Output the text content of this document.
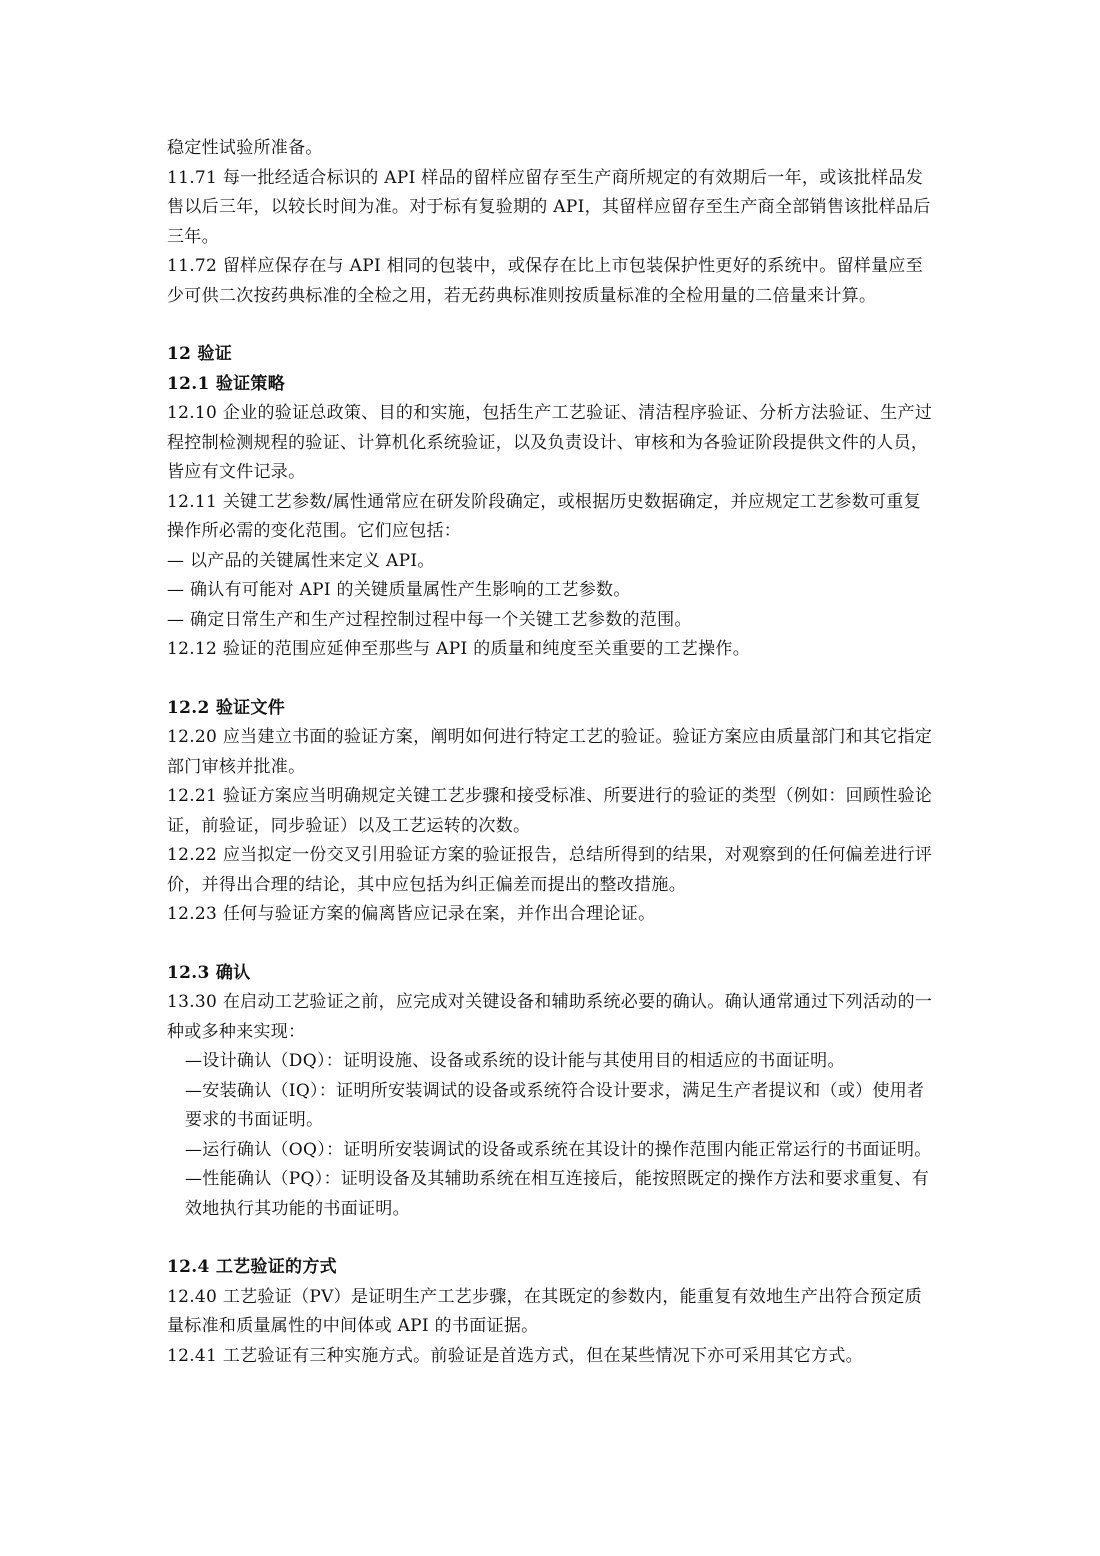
稳定性试验所准备。

11.71 每一批经适合标识的 API 样品的留样应留存至生产商所规定的有效期后一年，或该批样品发售以后三年，以较长时间为准。对于标有复验期的 API，其留样应留存至生产商全部销售该批样品后三年。

11.72 留样应保存在与 API 相同的包装中，或保存在比上市包装保护性更好的系统中。留样量应至少可供二次按药典标准的全检之用，若无药典标准则按质量标准的全检用量的二倍量来计算。

12 验证

12.1 验证策略

12.10 企业的验证总政策、目的和实施，包括生产工艺验证、清洁程序验证、分析方法验证、生产过程控制检测规程的验证、计算机化系统验证，以及负责设计、审核和为各验证阶段提供文件的人员，皆应有文件记录。

12.11 关键工艺参数/属性通常应在研发阶段确定，或根据历史数据确定，并应规定工艺参数可重复操作所必需的变化范围。它们应包括：

— 以产品的关键属性来定义 API。

— 确认有可能对 API 的关键质量属性产生影响的工艺参数。

— 确定日常生产和生产过程控制过程中每一个关键工艺参数的范围。

12.12 验证的范围应延伸至那些与 API 的质量和纯度至关重要的工艺操作。

12.2 验证文件

12.20 应当建立书面的验证方案，阐明如何进行特定工艺的验证。验证方案应由质量部门和其它指定部门审核并批准。

12.21 验证方案应当明确规定关键工艺步骤和接受标准、所要进行的验证的类型（例如：回顾性验论证，前验证，同步验证）以及工艺运转的次数。

12.22 应当拟定一份交叉引用验证方案的验证报告，总结所得到的结果，对观察到的任何偏差进行评价，并得出合理的结论，其中应包括为纠正偏差而提出的整改措施。

12.23 任何与验证方案的偏离皆应记录在案，并作出合理论证。

12.3 确认

13.30 在启动工艺验证之前，应完成对关键设备和辅助系统必要的确认。确认通常通过下列活动的一种或多种来实现：

—设计确认（DQ）：证明设施、设备或系统的设计能与其使用目的相适应的书面证明。

—安装确认（IQ）：证明所安装调试的设备或系统符合设计要求，满足生产者提议和（或）使用者要求的书面证明。

—运行确认（OQ）：证明所安装调试的设备或系统在其设计的操作范围内能正常运行的书面证明。

—性能确认（PQ）：证明设备及其辅助系统在相互连接后，能按照既定的操作方法和要求重复、有效地执行其功能的书面证明。

12.4 工艺验证的方式

12.40 工艺验证（PV）是证明生产工艺步骤，在其既定的参数内，能重复有效地生产出符合预定质量标准和质量属性的中间体或 API 的书面证据。

12.41 工艺验证有三种实施方式。前验证是首选方式，但在某些情况下亦可采用其它方式。
